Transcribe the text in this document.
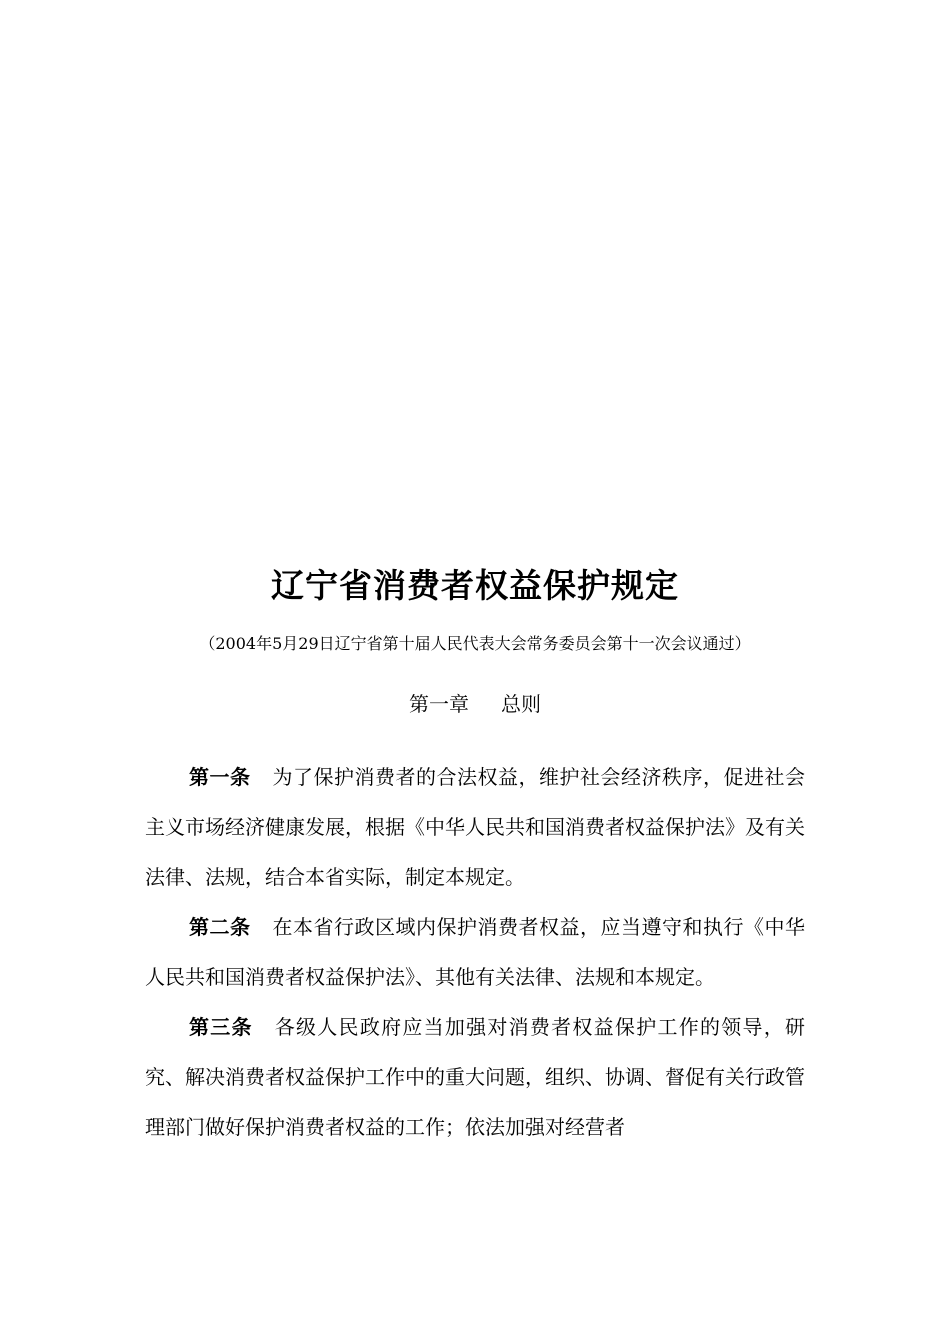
辽宁省消费者权益保护规定
（2004年5月29日辽宁省第十届人民代表大会常务委员会第十一次会议通过）
第一章 总则

第一条 为了保护消费者的合法权益，维护社会经济秩序，促进社会主义市场经济健康发展，根据《中华人民共和国消费者权益保护法》及有关法律、法规，结合本省实际，制定本规定。

第二条 在本省行政区域内保护消费者权益，应当遵守和执行《中华人民共和国消费者权益保护法》、其他有关法律、法规和本规定。

第三条 各级人民政府应当加强对消费者权益保护工作的领导，研究、解决消费者权益保护工作中的重大问题，组织、协调、督促有关行政管理部门做好保护消费者权益的工作；依法加强对经营者
